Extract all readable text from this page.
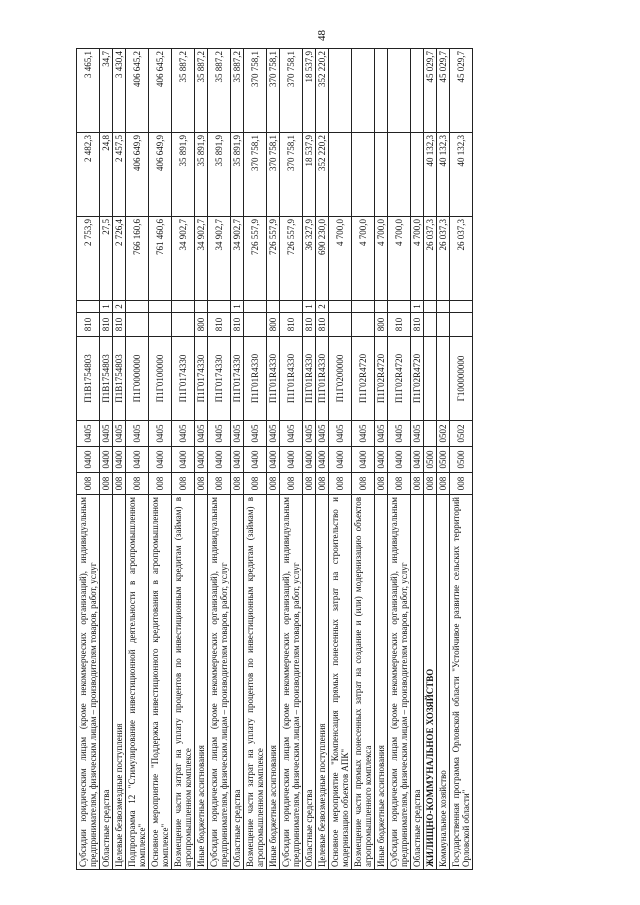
48
Субсидии юридическим лицам (кроме некоммерческих организаций), индивидуальным предпринимателям, физическим лицам – производителям товаров, работ, услуг	008	0400	0405	П1В1754803	810		2 753,9	2 482,3	3 465,1
Областные средства	008	0400	0405	П1В1754803	810	1	27,5	24,8	34,7
Целевые безвозмездные поступления	008	0400	0405	П1В1754803	810	2	2 726,4	2 457,5	3 430,4
Подпрограмма 12 "Стимулирование инвестиционной деятельности в агропромышленном комплексе"	008	0400	0405	П1Г0000000			766 160,6	406 649,9	406 645,2
Основное мероприятие "Поддержка инвестиционного кредитования в агропромышленном комплексе"	008	0400	0405	П1Г0100000			761 460,6	406 649,9	406 645,2
Возмещение части затрат на уплату процентов по инвестиционным кредитам (займам) в агропромышленном комплексе	008	0400	0405	П1Г0174330			34 902,7	35 891,9	35 887,2
Иные бюджетные ассигнования	008	0400	0405	П1Г0174330	800		34 902,7	35 891,9	35 887,2
Субсидии юридическим лицам (кроме некоммерческих организаций), индивидуальным предпринимателям, физическим лицам – производителям товаров, работ, услуг	008	0400	0405	П1Г0174330	810		34 902,7	35 891,9	35 887,2
Областные средства	008	0400	0405	П1Г0174330	810	1	34 902,7	35 891,9	35 887,2
Возмещение части затрат на уплату процентов по инвестиционным кредитам (займам) в агропромышленном комплексе	008	0400	0405	П1Г01R4330			726 557,9	370 758,1	370 758,1
Иные бюджетные ассигнования	008	0400	0405	П1Г01R4330	800		726 557,9	370 758,1	370 758,1
Субсидии юридическим лицам (кроме некоммерческих организаций), индивидуальным предпринимателям, физическим лицам – производителям товаров, работ, услуг	008	0400	0405	П1Г01R4330	810		726 557,9	370 758,1	370 758,1
Областные средства	008	0400	0405	П1Г01R4330	810	1	36 327,9	18 537,9	18 537,9
Целевые безвозмездные поступления	008	0400	0405	П1Г01R4330	810	2	690 230,0	352 220,2	352 220,2
Основное мероприятие "Компенсация прямых понесенных затрат на строительство и модернизацию объектов АПК"	008	0400	0405	П1Г0200000			4 700,0		
Возмещение части прямых понесенных затрат на создание и (или) модернизацию объектов агропромышленного комплекса	008	0400	0405	П1Г02R4720			4 700,0		
Иные бюджетные ассигнования	008	0400	0405	П1Г02R4720	800		4 700,0		
Субсидии юридическим лицам (кроме некоммерческих организаций), индивидуальным предпринимателям, физическим лицам – производителям товаров, работ, услуг	008	0400	0405	П1Г02R4720	810		4 700,0		
Областные средства	008	0400	0405	П1Г02R4720	810	1	4 700,0		
ЖИЛИЩНО-КОММУНАЛЬНОЕ ХОЗЯЙСТВО	008	0500					26 037,3	40 132,3	45 029,7
Коммунальное хозяйство	008	0500	0502				26 037,3	40 132,3	45 029,7
Государственная программа Орловской области "Устойчивое развитие сельских территорий Орловской области"	008	0500	0502	Г100000000			26 037,3	40 132,3	45 029,7
